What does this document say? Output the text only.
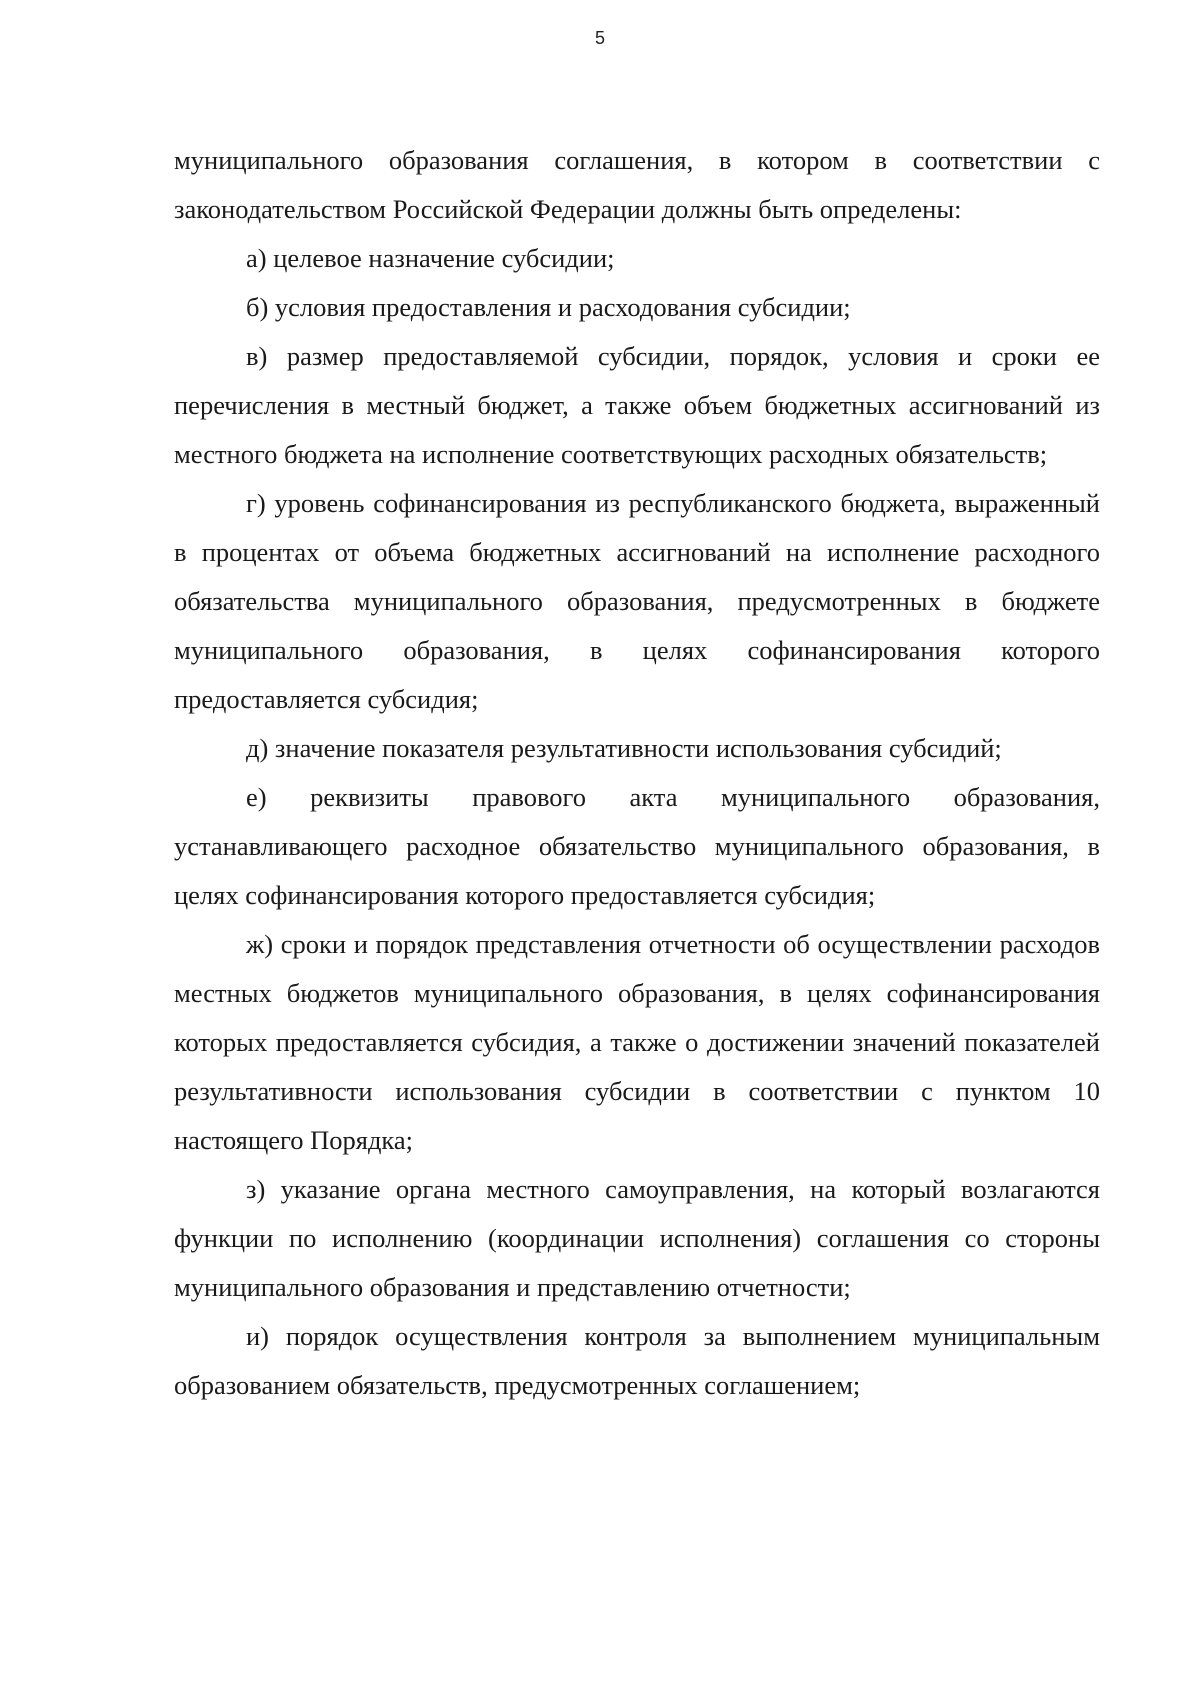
5

муниципального образования соглашения, в котором в соответствии с законодательством Российской Федерации должны быть определены:

а) целевое назначение субсидии;

б) условия предоставления и расходования субсидии;

в) размер предоставляемой субсидии, порядок, условия и сроки ее перечисления в местный бюджет, а также объем бюджетных ассигнований из местного бюджета на исполнение соответствующих расходных обязательств;

г) уровень софинансирования из республиканского бюджета, выраженный в процентах от объема бюджетных ассигнований на исполнение расходного обязательства муниципального образования, предусмотренных в бюджете муниципального образования, в целях софинансирования которого предоставляется субсидия;

д) значение показателя результативности использования субсидий;

е) реквизиты правового акта муниципального образования, устанавливающего расходное обязательство муниципального образования, в целях софинансирования которого предоставляется субсидия;

ж) сроки и порядок представления отчетности об осуществлении расходов местных бюджетов муниципального образования, в целях софинансирования которых предоставляется субсидия, а также о достижении значений показателей результативности использования субсидии в соответствии с пунктом 10 настоящего Порядка;

з) указание органа местного самоуправления, на который возлагаются функции по исполнению (координации исполнения) соглашения со стороны муниципального образования и представлению отчетности;

и) порядок осуществления контроля за выполнением муниципальным образованием обязательств, предусмотренных соглашением;
